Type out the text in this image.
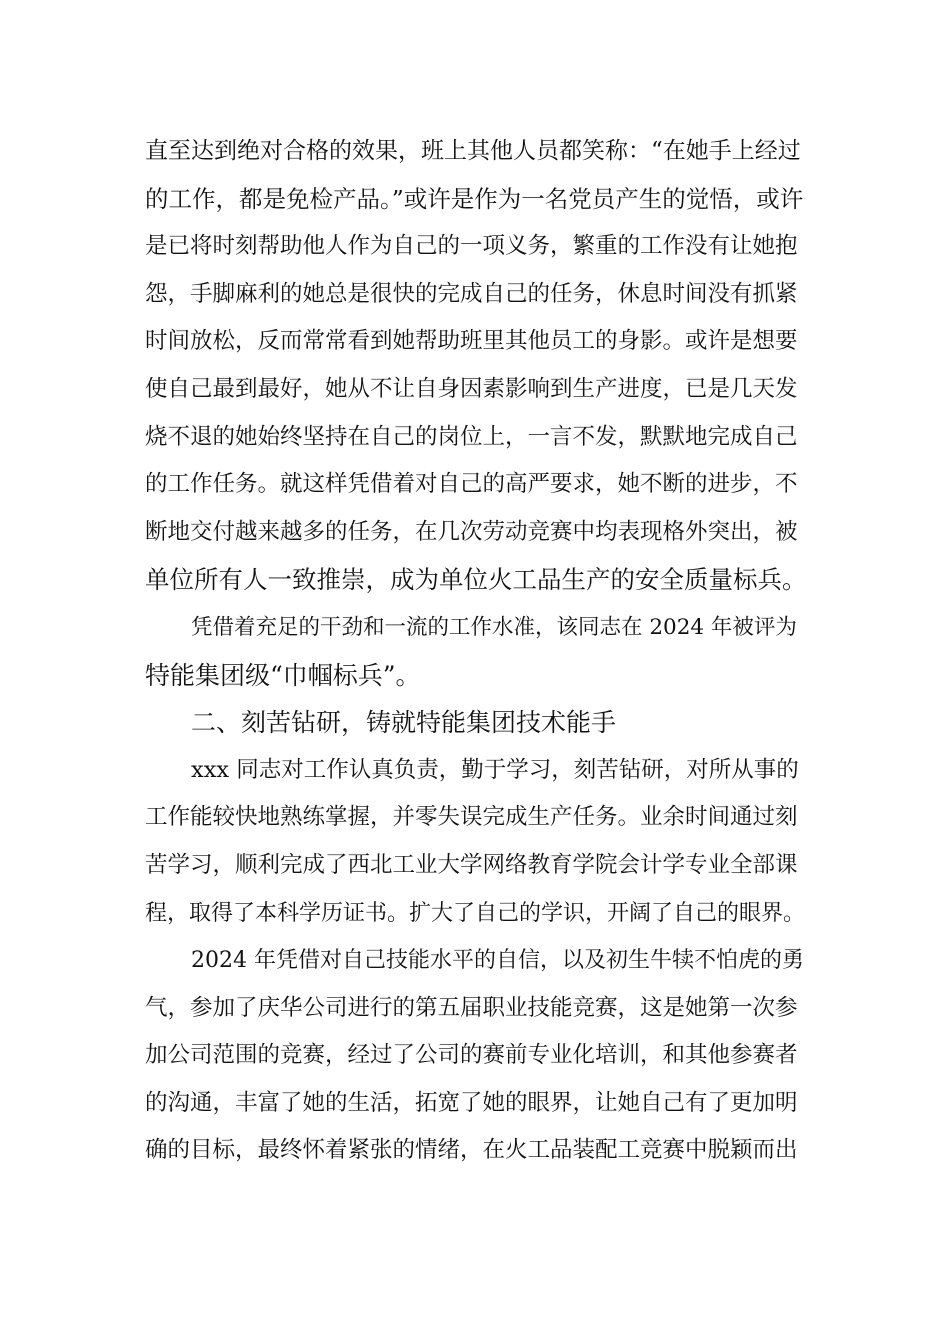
直至达到绝对合格的效果，班上其他人员都笑称：“在她手上经过
的工作，都是免检产品。”或许是作为一名党员产生的觉悟，或许
是已将时刻帮助他人作为自己的一项义务，繁重的工作没有让她抱
怨，手脚麻利的她总是很快的完成自己的任务，休息时间没有抓紧
时间放松，反而常常看到她帮助班里其他员工的身影。或许是想要
使自己最到最好，她从不让自身因素影响到生产进度，已是几天发
烧不退的她始终坚持在自己的岗位上，一言不发，默默地完成自己
的工作任务。就这样凭借着对自己的高严要求，她不断的进步，不
断地交付越来越多的任务，在几次劳动竞赛中均表现格外突出，被
单位所有人一致推崇，成为单位火工品生产的安全质量标兵。
凭借着充足的干劲和一流的工作水准，该同志在 2024 年被评为
特能集团级“巾帼标兵”。
二、刻苦钻研，铸就特能集团技术能手
xxx 同志对工作认真负责，勤于学习，刻苦钻研，对所从事的
工作能较快地熟练掌握，并零失误完成生产任务。业余时间通过刻
苦学习，顺利完成了西北工业大学网络教育学院会计学专业全部课
程，取得了本科学历证书。扩大了自己的学识，开阔了自己的眼界。
2024 年凭借对自己技能水平的自信，以及初生牛犊不怕虎的勇
气，参加了庆华公司进行的第五届职业技能竞赛，这是她第一次参
加公司范围的竞赛，经过了公司的赛前专业化培训，和其他参赛者
的沟通，丰富了她的生活，拓宽了她的眼界，让她自己有了更加明
确的目标，最终怀着紧张的情绪，在火工品装配工竞赛中脱颖而出
